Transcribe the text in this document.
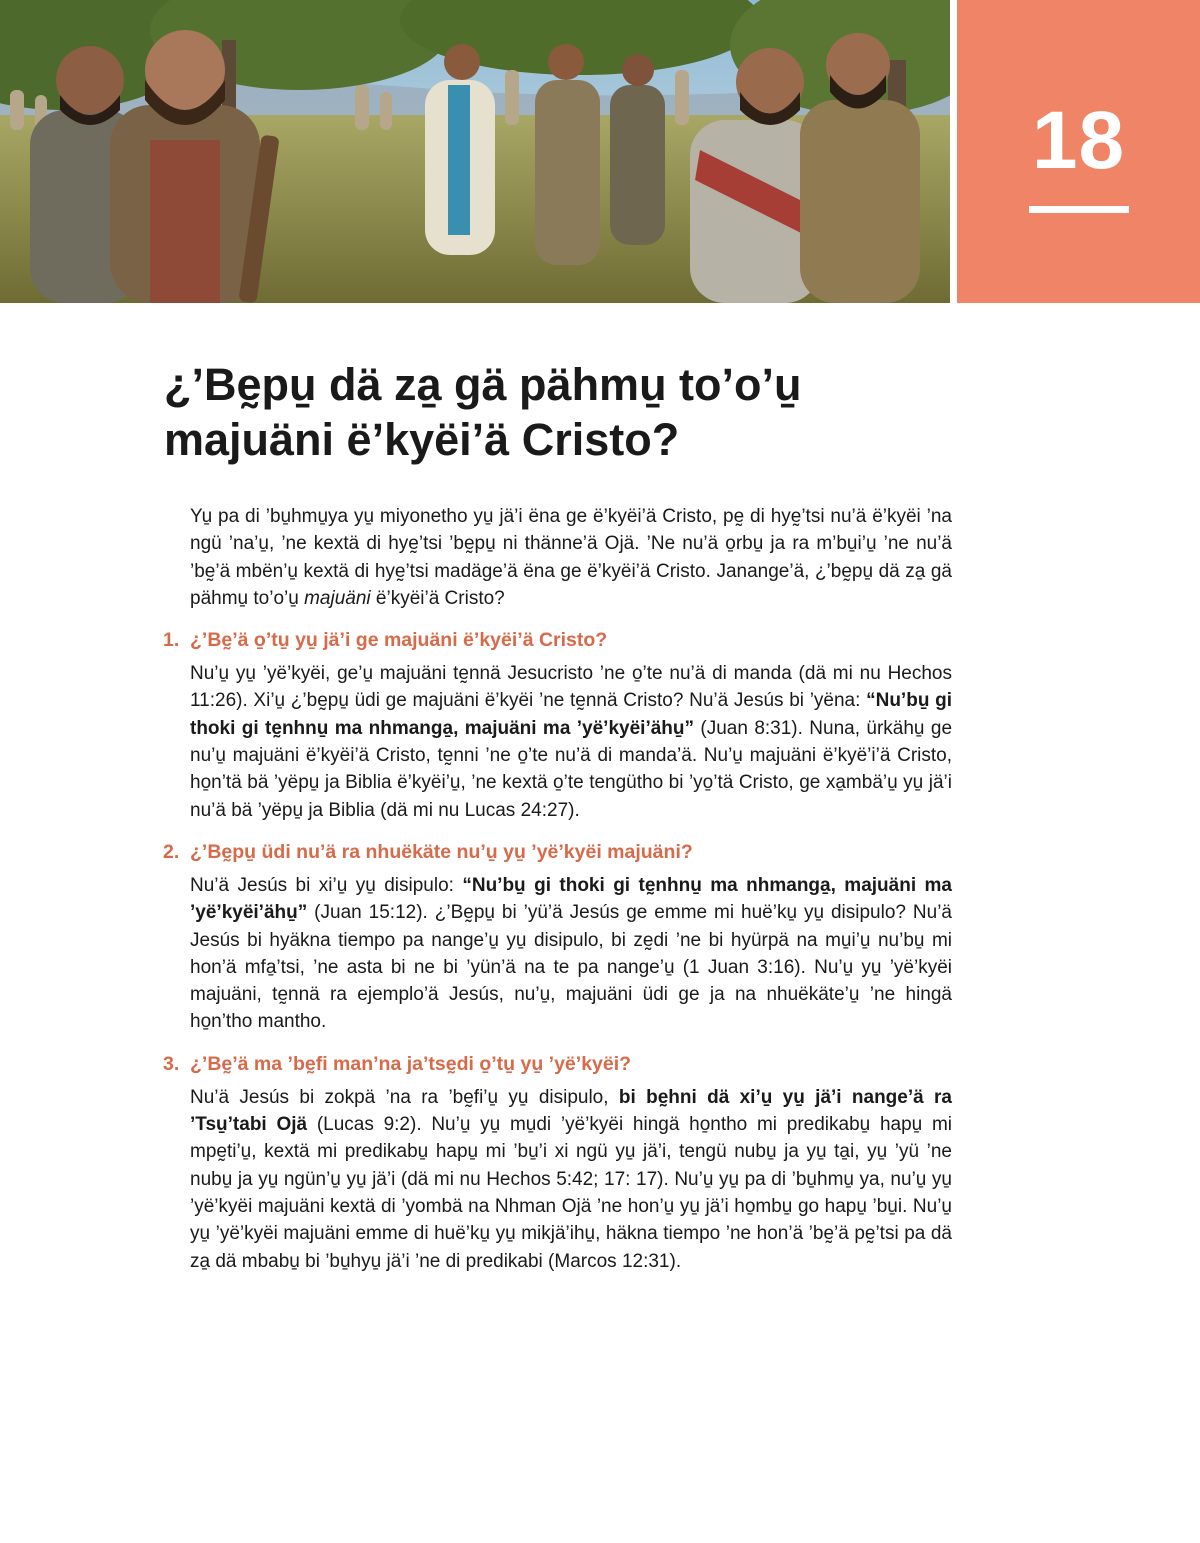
18
¿’Bḛpu̱ dä za̱ gä pähmu̱ to’o’u̱
majuäni ë’kyëi’ä Cristo?

Yu̱ pa di ’bu̱hmu̱ya yu̱ miyonetho yu̱ jä’i ëna ge ë’kyëi’ä Cristo, pḛ di hyḛ’tsi nu’ä ë’kyëi ’na ngü ’na’u̱, ’ne kextä di hyḛ’tsi ’bḛpu̱ ni thänne’ä Ojä. ’Ne nu’ä o̱rbu̱ ja ra m’bu̱i’u̱ ’ne nu’ä ’bḛ’ä mbën’u̱ kextä di hyḛ’tsi madäge’ä ëna ge ë’kyëi’ä Cristo. Janange’ä, ¿’bḛpu̱ dä za̱ gä pähmu̱ to’o’u̱ majuäni ë’kyëi’ä Cristo?

1. ¿’Bḛ’ä o̱’tu̱ yu̱ jä’i ge majuäni ë’kyëi’ä Cristo?

Nu’u̱ yu̱ ’yë’kyëi, ge’u̱ majuäni tḛnnä Jesucristo ’ne o̱’te nu’ä di manda (dä mi nu Hechos 11:26). Xi’u̱ ¿’bḛpu̱ üdi ge majuäni ë’kyëi ’ne tḛnnä Cristo? Nu’ä Jesús bi ’yëna: “Nu’bu̱ gi thoki gi tḛnhnu̱ ma nhmanga̱, majuäni ma ’yë’kyëi’ähu̱” (Juan 8:31). Nuna, ürkähu̱ ge nu’u̱ majuäni ë’kyëi’ä Cristo, tḛnni ’ne o̱’te nu’ä di manda’ä. Nu’u̱ majuäni ë’kyë’i’ä Cristo, ho̱n’tä bä ’yëpu̱ ja Biblia ë’kyëi’u̱, ’ne kextä o̱’te tengütho bi ’yo̱’tä Cristo, ge xa̱mbä’u̱ yu̱ jä’i nu’ä bä ’yëpu̱ ja Biblia (dä mi nu Lucas 24:27).

2. ¿’Bḛpu̱ üdi nu’ä ra nhuëkäte nu’u̱ yu̱ ’yë’kyëi majuäni?

Nu’ä Jesús bi xi’u̱ yu̱ disipulo: “Nu’bu̱ gi thoki gi tḛnhnu̱ ma nhmanga̱, majuäni ma ’yë’kyëi’ähu̱” (Juan 15:12). ¿’Bḛpu̱ bi ’yü’ä Jesús ge emme mi huë’ku̱ yu̱ disipulo? Nu’ä Jesús bi hyäkna tiempo pa nange’u̱ yu̱ disipulo, bi zḛdi ’ne bi hyürpä na mu̱i’u̱ nu’bu̱ mi hon’ä mfa̱’tsi, ’ne asta bi ne bi ’yün’ä na te pa nange’u̱ (1 Juan 3:16). Nu’u̱ yu̱ ’yë’kyëi majuäni, tḛnnä ra ejemplo’ä Jesús, nu’u̱, majuäni üdi ge ja na nhuëkäte’u̱ ’ne hingä ho̱n’tho mantho.

3. ¿’Bḛ’ä ma ’bḛfi man’na ja’tsḛdi o̱’tu̱ yu̱ ’yë’kyëi?

Nu’ä Jesús bi zokpä ’na ra ’bḛfi’u̱ yu̱ disipulo, bi bḛhni dä xi’u̱ yu̱ jä’i nange’ä ra ’Tsu̱’tabi Ojä (Lucas 9:2). Nu’u̱ yu̱ mu̱di ’yë’kyëi hingä ho̱ntho mi predikabu̱ hapu̱ mi mpḛti’u̱, kextä mi predikabu̱ hapu̱ mi ’bu̱’i xi ngü yu̱ jä’i, tengü nubu̱ ja yu̱ ta̱i, yu̱ ’yü ’ne nubu̱ ja yu̱ ngün’u̱ yu̱ jä’i (dä mi nu Hechos 5:42; 17: 17). Nu’u̱ yu̱ pa di ’bu̱hmu̱ ya, nu’u̱ yu̱ ’yë’kyëi majuäni kextä di ’yombä na Nhman Ojä ’ne hon’u̱ yu̱ jä’i ho̱mbu̱ go hapu̱ ’bu̱i. Nu’u̱ yu̱ ’yë’kyëi majuäni emme di huë’ku̱ yu̱ mikjä’ihu̱, häkna tiempo ’ne hon’ä ’bḛ’ä pḛ’tsi pa dä za̱ dä mbabu̱ bi ’bu̱hyu̱ jä’i ’ne di predikabi (Marcos 12:31).
